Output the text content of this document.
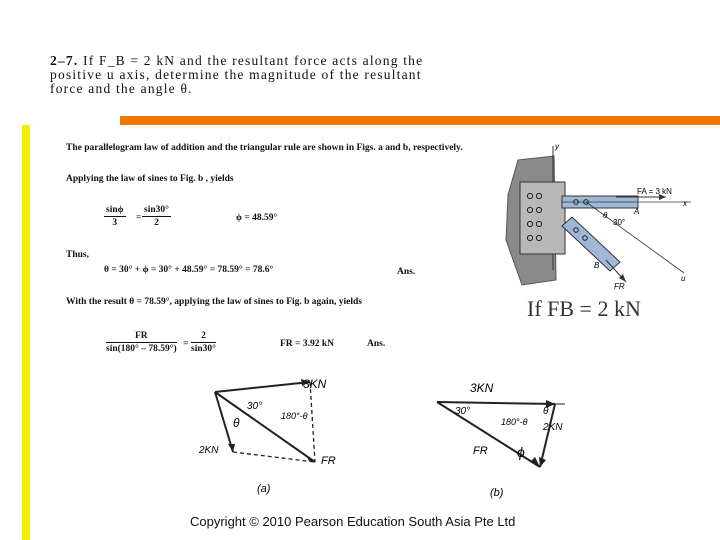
2–7. If F_B = 2 kN and the resultant force acts along the
positive u axis, determine the magnitude of the resultant
force and the angle θ.
The parallelogram law of addition and the triangular rule are shown in Figs. a and b, respectively.
Applying the law of sines to Fig. b , yields
$\frac{\sin\phi}{3} = \frac{\sin 30^\circ}{2}$	ϕ = 48.59°
Thus,
θ = 30° + ϕ = 30° + 48.59° = 78.59° = 78.6°	Ans.
With the result θ = 78.59°, applying the law of sines to Fig. b again, yields
$\frac{FR}{\sin(180^\circ - 78.59^\circ)} = \frac{2}{\sin 30^\circ}$	FR = 3.92 kN	Ans.
y
x
FA = 3 kN
A
u
B
30°
θ
FR
If FB = 2 kN
3KN
2KN
30°
180°-θ
θ
FR
(a)
3KN
2KN
30°
180°-θ
θ
ϕ
FR
(b)
Copyright © 2010 Pearson Education South Asia Pte Ltd
